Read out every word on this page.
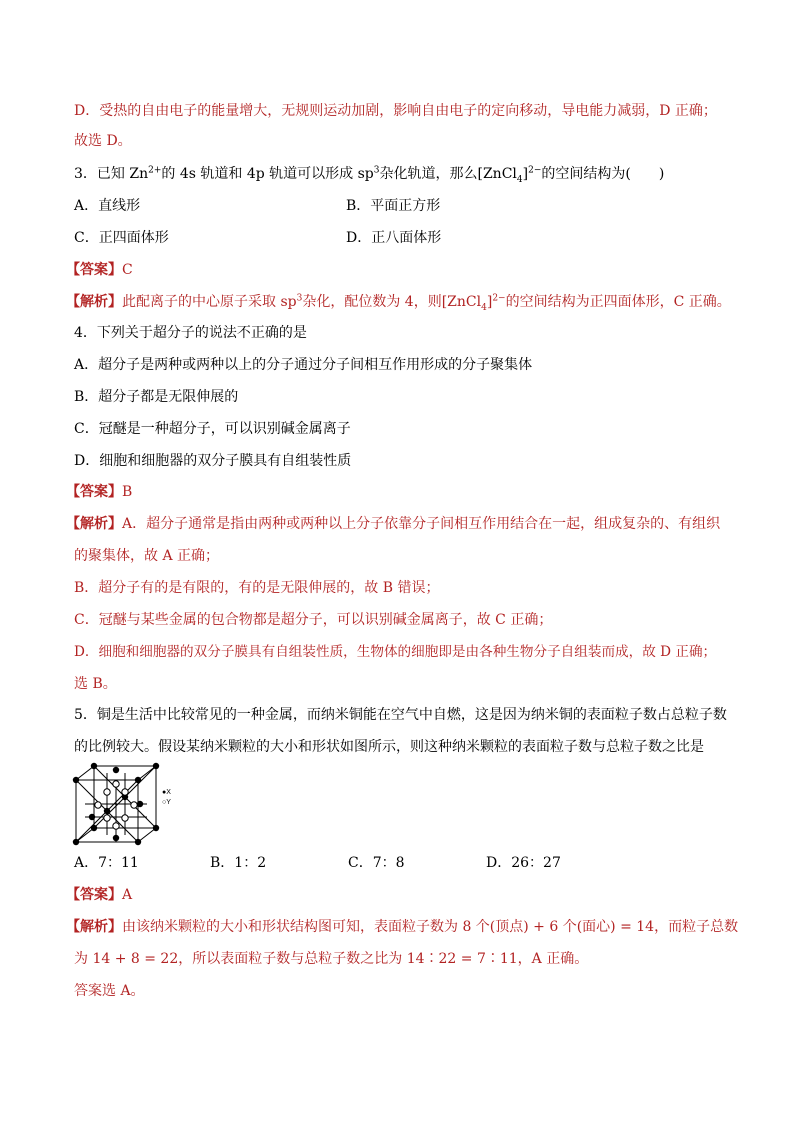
D．受热的自由电子的能量增大，无规则运动加剧，影响自由电子的定向移动，导电能力减弱，D 正确；
故选 D。
3．已知 $Zn^{2+}$的 4s 轨道和 4p 轨道可以形成 $sp^3$杂化轨道，那么[ZnCl$_4$]$^{2-}$的空间结构为(　　)
A．直线形	B．平面正方形
C．正四面体形	D．正八面体形
【答案】C
【解析】此配离子的中心原子采取 $sp^3$杂化，配位数为 4，则[ZnCl$_4$]$^{2-}$的空间结构为正四面体形，C 正确。
4．下列关于超分子的说法不正确的是
A．超分子是两种或两种以上的分子通过分子间相互作用形成的分子聚集体
B．超分子都是无限伸展的
C．冠醚是一种超分子，可以识别碱金属离子
D．细胞和细胞器的双分子膜具有自组装性质
【答案】B
【解析】A．超分子通常是指由两种或两种以上分子依靠分子间相互作用结合在一起，组成复杂的、有组织
的聚集体，故 A 正确；
B．超分子有的是有限的，有的是无限伸展的，故 B 错误；
C．冠醚与某些金属的包合物都是超分子，可以识别碱金属离子，故 C 正确；
D．细胞和细胞器的双分子膜具有自组装性质，生物体的细胞即是由各种生物分子自组装而成，故 D 正确；
选 B。
5．铜是生活中比较常见的一种金属，而纳米铜能在空气中自燃，这是因为纳米铜的表面粒子数占总粒子数
的比例较大。假设某纳米颗粒的大小和形状如图所示，则这种纳米颗粒的表面粒子数与总粒子数之比是
●X
○Y
A．7：11	B．1：2	C．7：8	D．26：27
【答案】A
【解析】由该纳米颗粒的大小和形状结构图可知，表面粒子数为 8 个(顶点) + 6 个(面心) = 14，而粒子总数
为 14 + 8 = 22，所以表面粒子数与总粒子数之比为 14∶22 = 7∶11，A 正确。
答案选 A。
